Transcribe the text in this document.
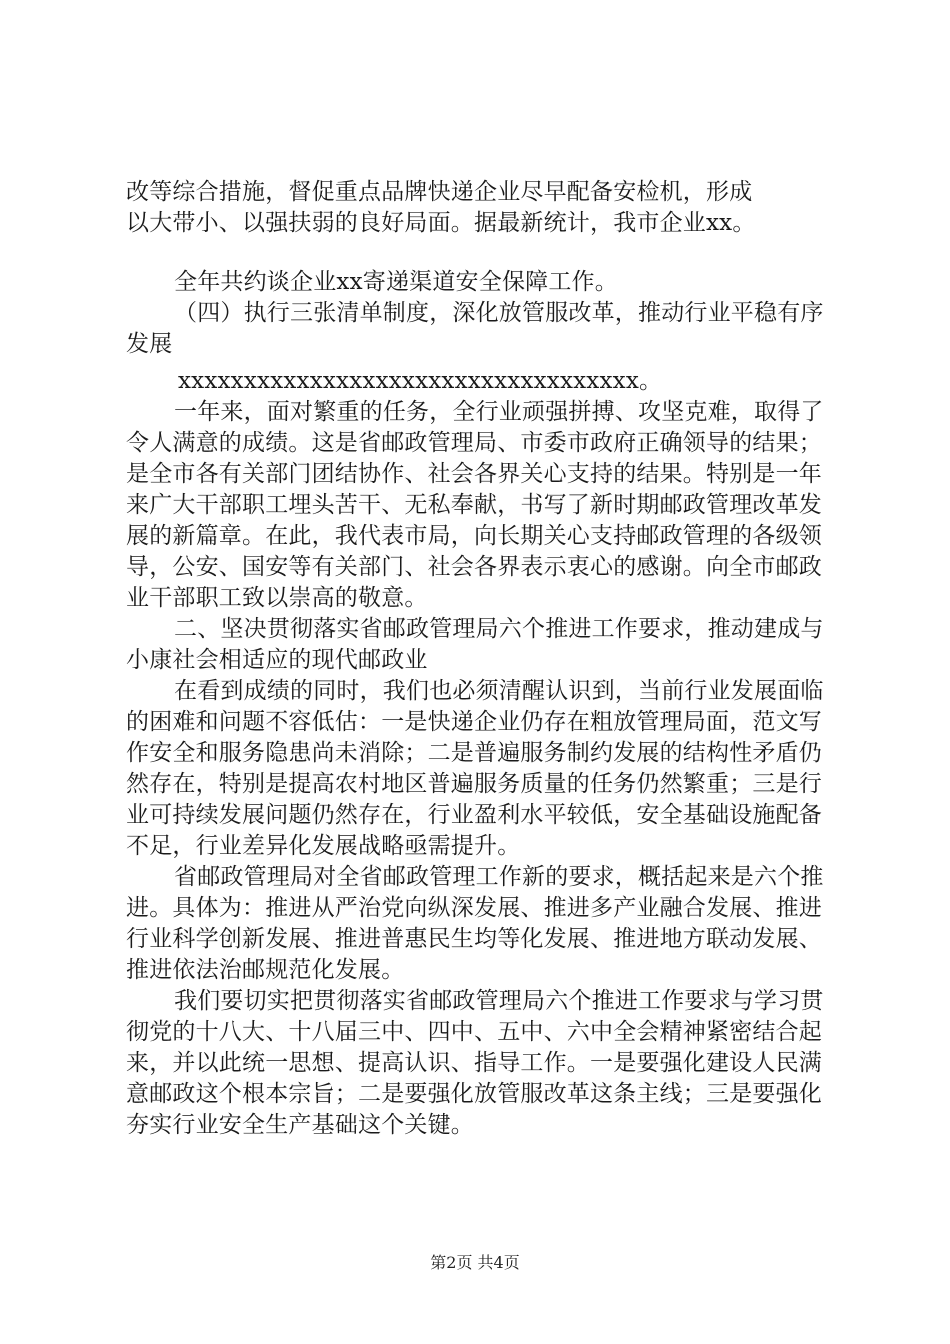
改等综合措施，督促重点品牌快递企业尽早配备安检机，形成

以大带小、以强扶弱的良好局面。据最新统计，我市企业xx。

全年共约谈企业xx寄递渠道安全保障工作。

（四）执行三张清单制度，深化放管服改革，推动行业平稳有序发展

xxxxxxxxxxxxxxxxxxxxxxxxxxxxxxxxxxx。

一年来，面对繁重的任务，全行业顽强拼搏、攻坚克难，取得了令人满意的成绩。这是省邮政管理局、市委市政府正确领导的结果；是全市各有关部门团结协作、社会各界关心支持的结果。特别是一年来广大干部职工埋头苦干、无私奉献，书写了新时期邮政管理改革发展的新篇章。在此，我代表市局，向长期关心支持邮政管理的各级领导，公安、国安等有关部门、社会各界表示衷心的感谢。向全市邮政业干部职工致以崇高的敬意。

二、坚决贯彻落实省邮政管理局六个推进工作要求，推动建成与小康社会相适应的现代邮政业

在看到成绩的同时，我们也必须清醒认识到，当前行业发展面临的困难和问题不容低估：一是快递企业仍存在粗放管理局面，范文写作安全和服务隐患尚未消除；二是普遍服务制约发展的结构性矛盾仍然存在，特别是提高农村地区普遍服务质量的任务仍然繁重；三是行业可持续发展问题仍然存在，行业盈利水平较低，安全基础设施配备不足，行业差异化发展战略亟需提升。

省邮政管理局对全省邮政管理工作新的要求，概括起来是六个推进。具体为：推进从严治党向纵深发展、推进多产业融合发展、推进行业科学创新发展、推进普惠民生均等化发展、推进地方联动发展、推进依法治邮规范化发展。

我们要切实把贯彻落实省邮政管理局六个推进工作要求与学习贯彻党的十八大、十八届三中、四中、五中、六中全会精神紧密结合起来，并以此统一思想、提高认识、指导工作。一是要强化建设人民满意邮政这个根本宗旨；二是要强化放管服改革这条主线；三是要强化夯实行业安全生产基础这个关键。

第2页 共4页
